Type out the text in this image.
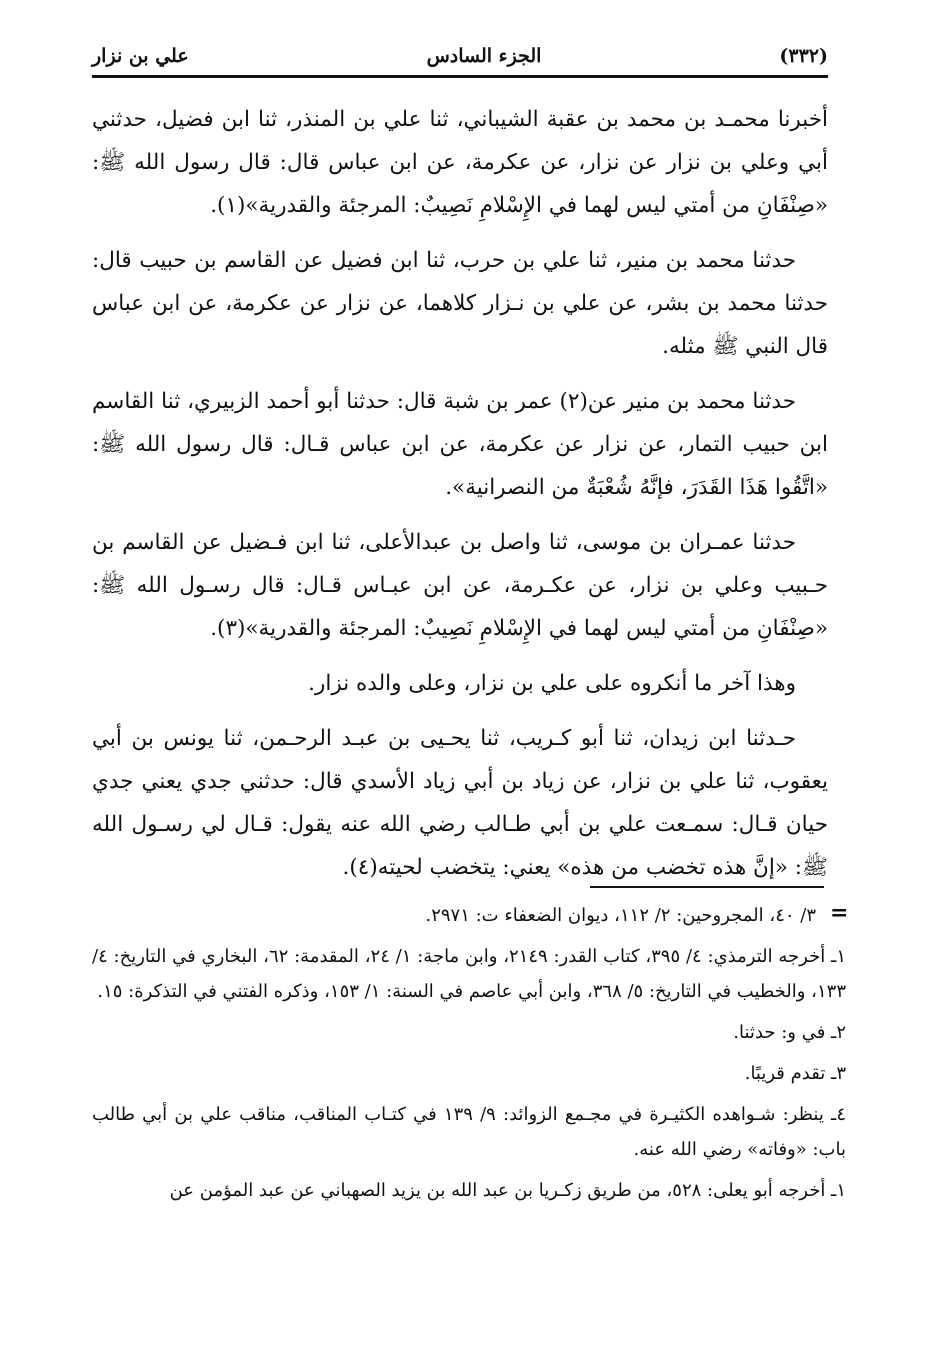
(٣٣٢)
الجزء السادس
علي بن نزار

أخبرنا محمـد بن محمد بن عقبة الشيباني، ثنا علي بن المنذر، ثنا ابن فضيل، حدثني أبي وعلي بن نزار عن نزار، عن عكرمة، عن ابن عباس قال: قال رسول الله ﷺ: «صِنْفَانِ من أمتي ليس لهما في الإِسْلامِ نَصِيبٌ: المرجئة والقدرية»(١).

حدثنا محمد بن منير، ثنا علي بن حرب، ثنا ابن فضيل عن القاسم بن حبيب قال: حدثنا محمد بن بشر، عن علي بن نـزار كلاهما، عن نزار عن عكرمة، عن ابن عباس قال النبي ﷺ مثله.

حدثنا محمد بن منير عن(٢) عمر بن شبة قال: حدثنا أبو أحمد الزبيري، ثنا القاسم ابن حبيب التمار، عن نزار عن عكرمة، عن ابن عباس قـال: قال رسول الله ﷺ: «اتَّقُوا هَذَا القَدَرَ، فإنَّهُ شُعْبَةٌ من النصرانية».

حدثنا عمـران بن موسى، ثنا واصل بن عبدالأعلى، ثنا ابن فـضيل عن القاسم بن حـبيب وعلي بن نزار، عن عكـرمة، عن ابن عبـاس قـال: قال رسـول الله ﷺ: «صِنْفَانِ من أمتي ليس لهما في الإِسْلامِ نَصِيبٌ: المرجئة والقدرية»(٣).

وهذا آخر ما أنكروه على علي بن نزار، وعلى والده نزار.

حـدثنا ابن زيدان، ثنا أبو كـريب، ثنا يحـيى بن عبـد الرحـمن، ثنا يونس بن أبي يعقوب، ثنا علي بن نزار، عن زياد بن أبي زياد الأسدي قال: حدثني جدي يعني جدي حيان قـال: سمـعت علي بن أبي طـالب رضي الله عنه يقول: قـال لي رسـول الله ﷺ: «إنَّ هذه تخضب من هذه» يعني: يتخضب لحيته(٤).

=
٣/ ٤٠، المجروحين: ٢/ ١١٢، ديوان الضعفاء ت: ٢٩٧١.
١ـ أخرجه الترمذي: ٤/ ٣٩٥، كتاب القدر: ٢١٤٩، وابن ماجة: ١/ ٢٤، المقدمة: ٦٢، البخاري في التاريخ: ٤/ ١٣٣، والخطيب في التاريخ: ٥/ ٣٦٨، وابن أبي عاصم في السنة: ١/ ١٥٣، وذكره الفتني في التذكرة: ١٥.
٢ـ في و: حدثنا.
٣ـ تقدم قريبًا.
٤ـ ينظر: شـواهده الكثيـرة في مجـمع الزوائد: ٩/ ١٣٩ في كتـاب المناقب، مناقب علي بن أبي طالب باب: «وفاته» رضي الله عنه.
١ـ أخرجه أبو يعلى: ٥٢٨، من طريق زكـريا بن عبد الله بن يزيد الصهباني عن عبد المؤمن عن
